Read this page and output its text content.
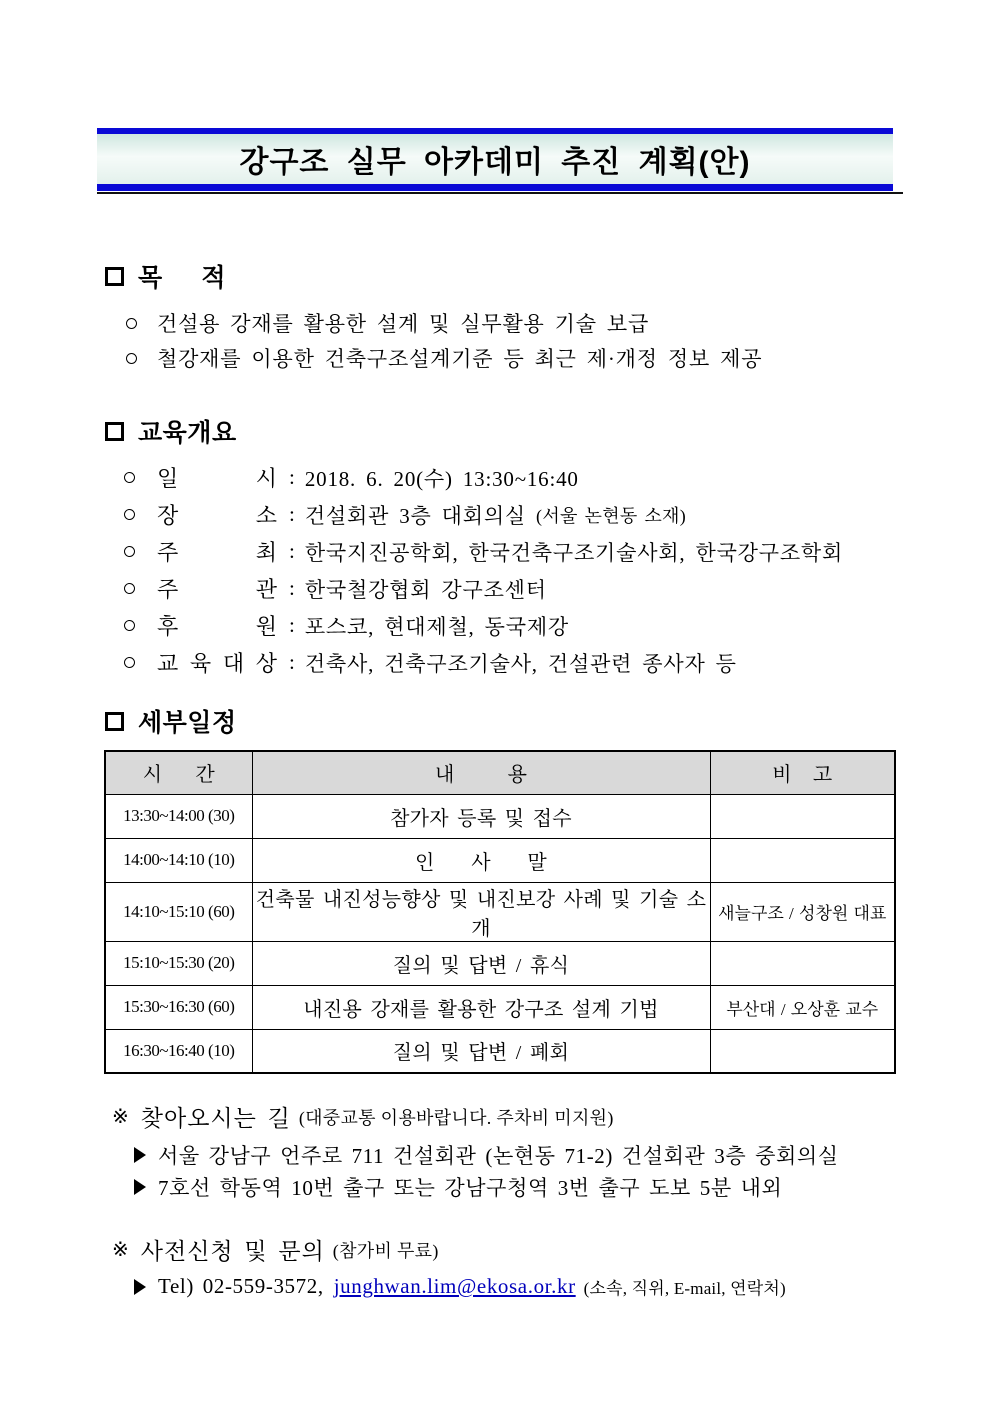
강구조 실무 아카데미 추진 계획(안)
목 적
건설용 강재를 활용한 설계 및 실무활용 기술 보급
철강재를 이용한 건축구조설계기준 등 최근 제·개정 정보 제공
교육개요
일	시 : 2018. 6. 20(수) 13:30~16:40
장	소 : 건설회관 3층 대회의실 (서울 논현동 소재)
주	최 : 한국지진공학회, 한국건축구조기술사회, 한국강구조학회
주	관 : 한국철강협회 강구조센터
후	원 : 포스코, 현대제철, 동국제강
교 육 대 상 : 건축사, 건축구조기술사, 건설관련 종사자 등
세부일정
시 간	내 용	비 고

13:30~14:00 (30)	참가자 등록 및 접수	
14:00~14:10 (10)	인 사 말	

14:10~15:10 (60)	건축물 내진성능향상 및 내진보강 사례 및 기술 소개	새늘구조 / 성창원 대표
15:10~15:30 (20)	질의 및 답변 / 휴식	
15:30~16:30 (60)	내진용 강재를 활용한 강구조 설계 기법	부산대 / 오상훈 교수
16:30~16:40 (10)	질의 및 답변 / 폐회	
※ 찾아오시는 길 (대중교통 이용바랍니다. 주차비 미지원)
서울 강남구 언주로 711 건설회관 (논현동 71-2) 건설회관 3층 중회의실
7호선 학동역 10번 출구 또는 강남구청역 3번 출구 도보 5분 내외
※ 사전신청 및 문의 (참가비 무료)
Tel) 02-559-3572, junghwan.lim@ekosa.or.kr (소속, 직위, E-mail, 연락처)
